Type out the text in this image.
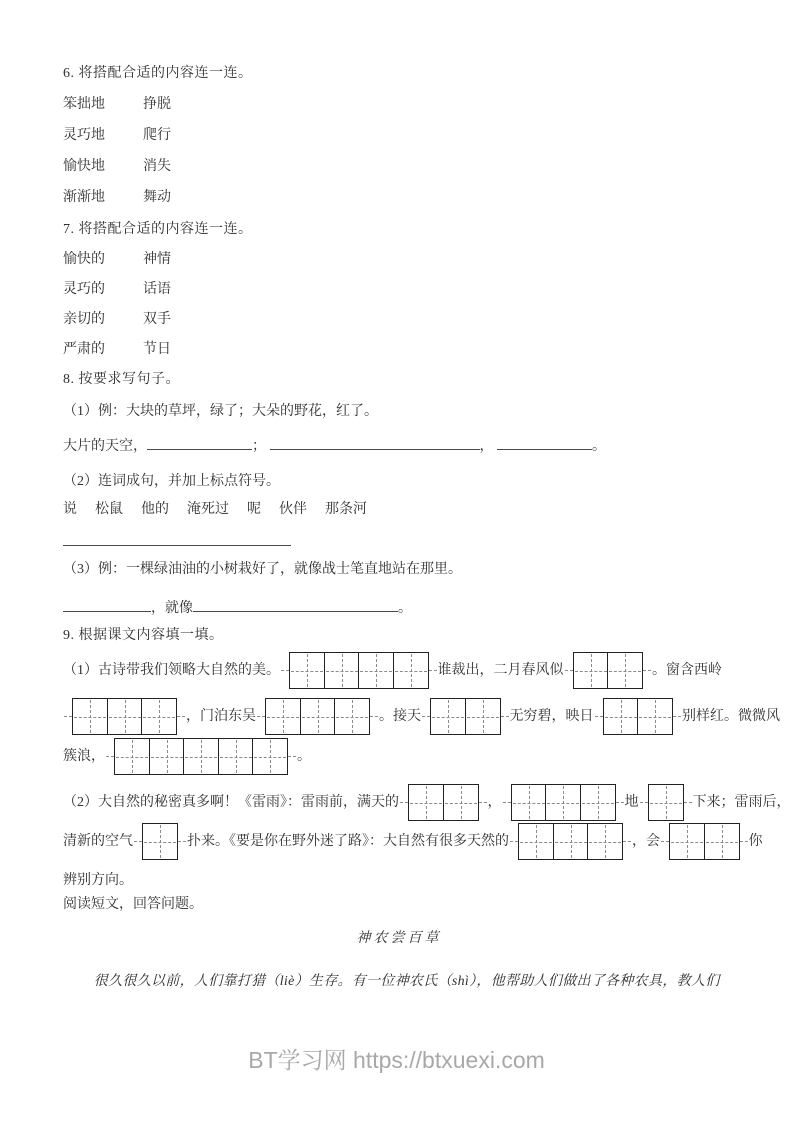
6. 将搭配合适的内容连一连。

笨拙地	挣脱
灵巧地	爬行
愉快地	消失
渐渐地	舞动

7. 将搭配合适的内容连一连。

愉快的	神情
灵巧的	话语
亲切的	双手
严肃的	节日

8. 按要求写句子。

（1）例：大块的草坪，绿了；大朵的野花，红了。

大片的天空，	；	，	。

（2）连词成句，并加上标点符号。

说 松鼠 他的 淹死过 呢 伙伴 那条河

（3）例：一棵绿油油的小树栽好了，就像战士笔直地站在那里。

，就像	。

9. 根据课文内容填一填。

（1）古诗带我们领略大自然的美。	谁裁出，二月春风似	。窗含西岭
，门泊东吴	。接天	无穷碧，映日	别样红。微微风
簇浪，	。
（2）大自然的秘密真多啊！《雷雨》：雷雨前，满天的	，	地	下来；雷雨后，
清新的空气	扑来。《要是你在野外迷了路》：大自然有很多天然的	，会	你
辨别方向。

阅读短文，回答问题。

神农尝百草

很久很久以前，人们靠打猎（liè）生存。有一位神农氏（shì），他帮助人们做出了各种农具，教人们

BT学习网 https://btxuexi.com
